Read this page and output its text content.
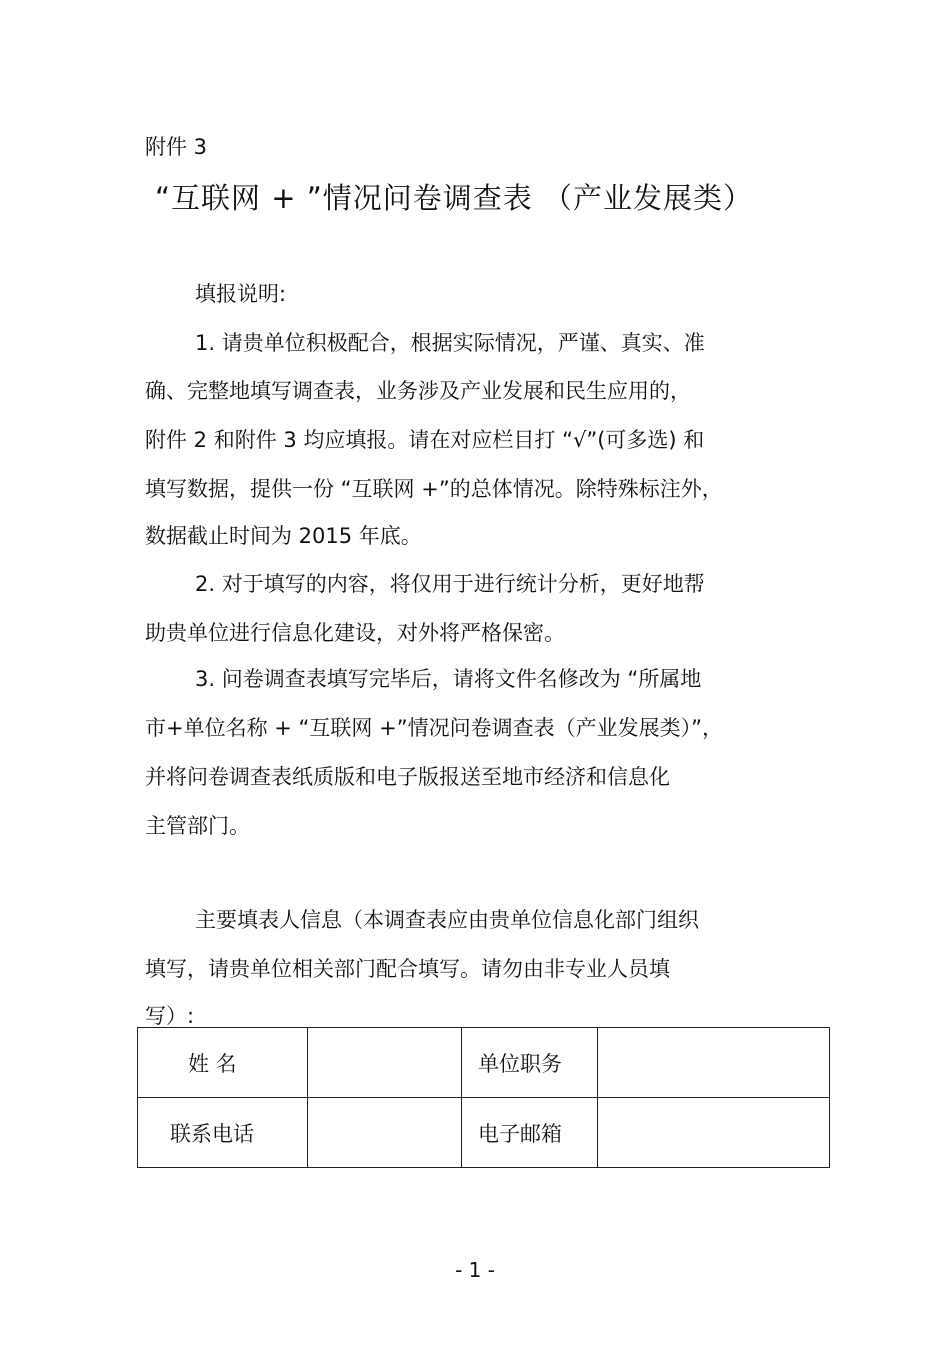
附件 3
“互联网 + ”情况问卷调查表 （产业发展类）
填报说明:
1. 请贵单位积极配合，根据实际情况，严谨、真实、准
确、完整地填写调查表，业务涉及产业发展和民生应用的，
附件 2 和附件 3 均应填报。请在对应栏目打 “√”(可多选) 和
填写数据，提供一份 “互联网 +”的总体情况。除特殊标注外，
数据截止时间为 2015 年底。
2. 对于填写的内容，将仅用于进行统计分析，更好地帮
助贵单位进行信息化建设，对外将严格保密。
3. 问卷调查表填写完毕后，请将文件名修改为 “所属地
市+单位名称 + “互联网 +”情况问卷调查表（产业发展类）”，
并将问卷调查表纸质版和电子版报送至地市经济和信息化
主管部门。
主要填表人信息（本调查表应由贵单位信息化部门组织
填写，请贵单位相关部门配合填写。请勿由非专业人员填
写）:
姓 名		单位职务	
联系电话		电子邮箱	
- 1 -
